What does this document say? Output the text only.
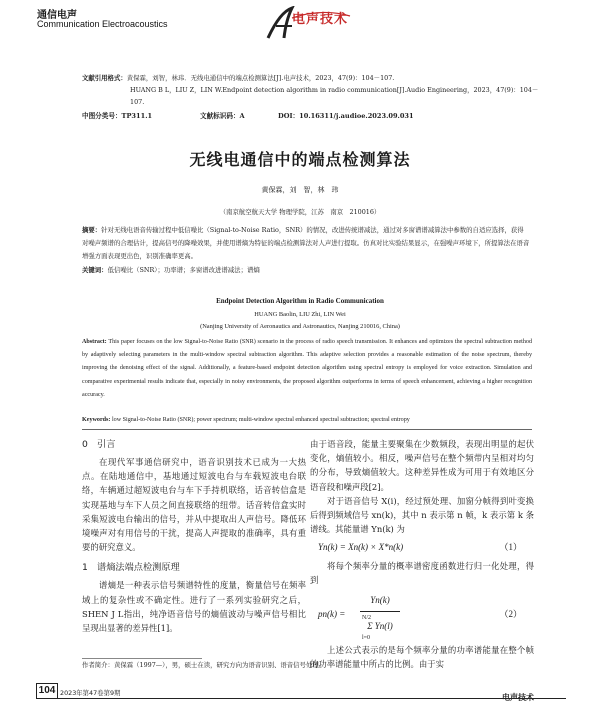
通信电声
Communication Electroacoustics	电声技术
文献引用格式：黄保霖，刘智，林玮．无线电通信中的端点检测算法[J].电声技术，2023，47(9)：104－107.
HUANG B L，LIU Z，LIN W.Endpoint detection algorithm in radio communication[J].Audio Engineering，2023，47(9)：104－107.
中图分类号：TP311.1	文献标识码：A	DOI：10.16311/j.audioe.2023.09.031
无线电通信中的端点检测算法
黄保霖，刘　智，林　玮
（南京航空航天大学 物理学院，江苏　南京　210016）
摘要：针对无线电语音传输过程中低信噪比（Signal-to-Noise Ratio，SNR）的情况，改进传统谱减法，通过对多窗谱谱减算法中参数的自适应选择，获得对噪声频谱的合理估计，提高信号的降噪效果，并使用谱熵为特征的端点检测算法对人声进行提取。仿真对比实验结果显示，在强噪声环境下，所提算法在语音增强方面表现更出色，识别准确率更高。
关键词：低信噪比（SNR）；功率谱；多窗谱改进谱减法；谱熵
Endpoint Detection Algorithm in Radio Communication
HUANG Baolin, LIU Zhi, LIN Wei
(Nanjing University of Aeronautics and Astronautics, Nanjing 210016, China)
Abstract: This paper focuses on the low Signal-to-Noise Ratio (SNR) scenario in the process of radio speech transmission. It enhances and optimizes the spectral subtraction method by adaptively selecting parameters in the multi-window spectral subtraction algorithm. This adaptive selection provides a reasonable estimation of the noise spectrum, thereby improving the denoising effect of the signal. Additionally, a feature-based endpoint detection algorithm using spectral entropy is employed for voice extraction. Simulation and comparative experimental results indicate that, especially in noisy environments, the proposed algorithm outperforms in terms of speech enhancement, achieving a higher recognition accuracy.
Keywords: low Signal-to-Noise Ratio (SNR); power spectrum; multi-window spectral enhanced spectral subtraction; spectral entropy
0　引言
在现代军事通信研究中，语音识别技术已成为一大热点。在陆地通信中，基地通过短波电台与车载短波电台联络，车辆通过超短波电台与车下手持机联络，话音转信盒是实现基地与车下人员之间直接联络的纽带。话音转信盒实时采集短波电台输出的信号，并从中提取出人声信号。降低环境噪声对有用信号的干扰，提高人声提取的准确率，具有重要的研究意义。
1　谱熵法端点检测原理
谱熵是一种表示信号频谱特性的度量，衡量信号在频率域上的复杂性或不确定性。进行了一系列实验研究之后，SHEN J L指出，纯净语音信号的熵值波动与噪声信号相比呈现出显著的差异性[1]。
由于语音段，能量主要聚集在少数频段，表现出明显的起伏变化，熵值较小。相反，噪声信号在整个频带内呈相对均匀的分布，导致熵值较大。这种差异性成为可用于有效地区分语音段和噪声段[2]。
对于语音信号 X(i)，经过预处理、加窗分帧得到叶变换后得到频域信号 xn(k)，其中 n 表示第 n 帧，k 表示第 k 条谱线。其能量谱 Yn(k) 为
Yn(k) = Xn(k) × X*n(k)	（1）
将每个频率分量的概率谱密度函数进行归一化处理，得到
pn(k) =
Yn(k)
N/2
Σ Yn(l)
l=0
（2）
上述公式表示的是每个频率分量的功率谱能量在整个帧的功率谱能量中所占的比例。由于实
作者简介：黄保霖（1997—），男，硕士在读，研究方向为语音识别、语音信号处理。
104 2023年第47卷第9期
